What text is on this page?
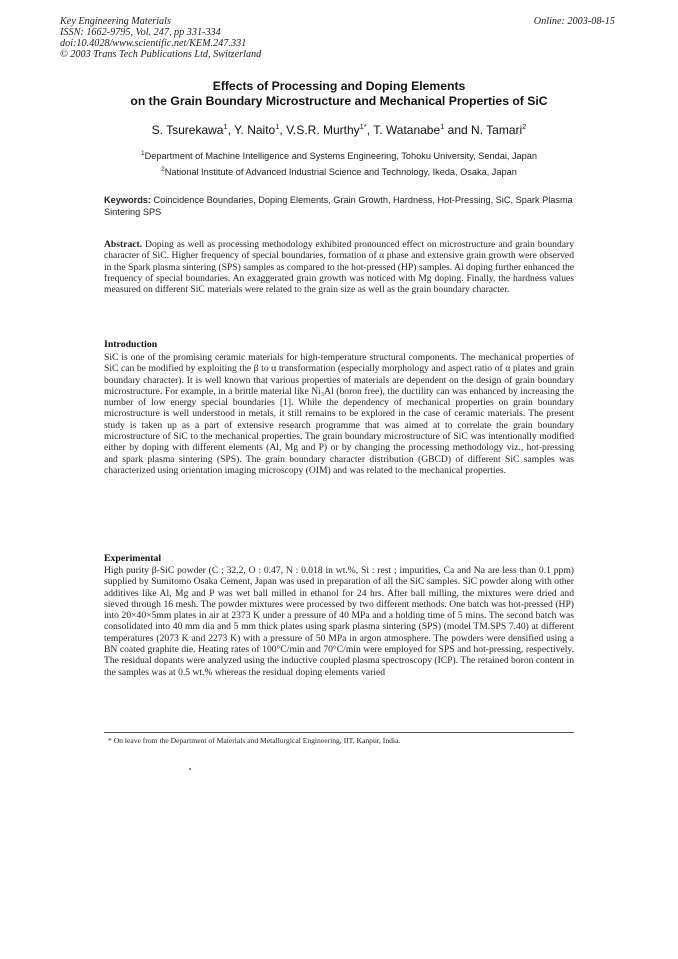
Key Engineering Materials
ISSN: 1662-9795, Vol. 247, pp 331-334
doi:10.4028/www.scientific.net/KEM.247.331
© 2003 Trans Tech Publications Ltd, Switzerland
Online: 2003-08-15
Effects of Processing and Doping Elements
on the Grain Boundary Microstructure and Mechanical Properties of SiC
S. Tsurekawa$^1$, Y. Naito$^1$, V.S.R. Murthy$^{1*}$, T. Watanabe$^1$ and N. Tamari$^2$
$^1$Department of Machine Intelligence and Systems Engineering, Tohoku University, Sendai, Japan
$^2$National Institute of Advanced Industrial Science and Technology, Ikeda, Osaka, Japan
Keywords: Coincidence Boundaries, Doping Elements, Grain Growth, Hardness, Hot-Pressing, SiC, Spark Plasma Sintering SPS
Abstract. Doping as well as processing methodology exhibited pronounced effect on microstructure and grain boundary character of SiC. Higher frequency of special boundaries, formation of α phase and extensive grain growth were observed in the Spark plasma sintering (SPS) samples as compared to the hot-pressed (HP) samples. Al doping further enhanced the frequency of special boundaries. An exaggerated grain growth was noticed with Mg doping. Finally, the hardness values measured on different SiC materials were related to the grain size as well as the grain boundary character.
Introduction
SiC is one of the promising ceramic materials for high-temperature structural components. The mechanical properties of SiC can be modified by exploiting the β to α transformation (especially morphology and aspect ratio of α plates and grain boundary character). It is well known that various properties of materials are dependent on the design of grain boundary microstructure. For example, in a brittle material like Ni₃Al (boron free), the ductility can was enhanced by increasing the number of low energy special boundaries [1]. While the dependency of mechanical properties on grain boundary microstructure is well understood in metals, it still remains to be explored in the case of ceramic materials. The present study is taken up as a part of extensive research programme that was aimed at to correlate the grain boundary microstructure of SiC to the mechanical properties. The grain boundary microstructure of SiC was intentionally modified either by doping with different elements (Al, Mg and P) or by changing the processing methodology viz., hot-pressing and spark plasma sintering (SPS). The grain boundary character distribution (GBCD) of different SiC samples was characterized using orientation imaging microscopy (OIM) and was related to the mechanical properties.
Experimental
High purity β-SiC powder (C : 32.2, O : 0.47, N : 0.018 in wt.%, Si : rest ; impurities, Ca and Na are less than 0.1 ppm) supplied by Sumitomo Osaka Cement, Japan was used in preparation of all the SiC samples. SiC powder along with other additives like Al, Mg and P was wet ball milled in ethanol for 24 hrs. After ball milling, the mixtures were dried and sieved through 16 mesh. The powder mixtures were processed by two different methods. One batch was hot-pressed (HP) into 20×40×5mm plates in air at 2373 K under a pressure of 40 MPa and a holding time of 5 mins. The second batch was consolidated into 40 mm dia and 5 mm thick plates using spark plasma sintering (SPS) (model TM.SPS 7.40) at different temperatures (2073 K and 2273 K) with a pressure of 50 MPa in argon atmosphere. The powders were densified using a BN coated graphite die. Heating rates of 100°C/min and 70°C/min were employed for SPS and hot-pressing, respectively. The residual dopants were analyzed using the inductive coupled plasma spectroscopy (ICP). The retained boron content in the samples was at 0.5 wt.% whereas the residual doping elements varied
* On leave from the Department of Materials and Metallurgical Engineering, IIT, Kanpur, India.
